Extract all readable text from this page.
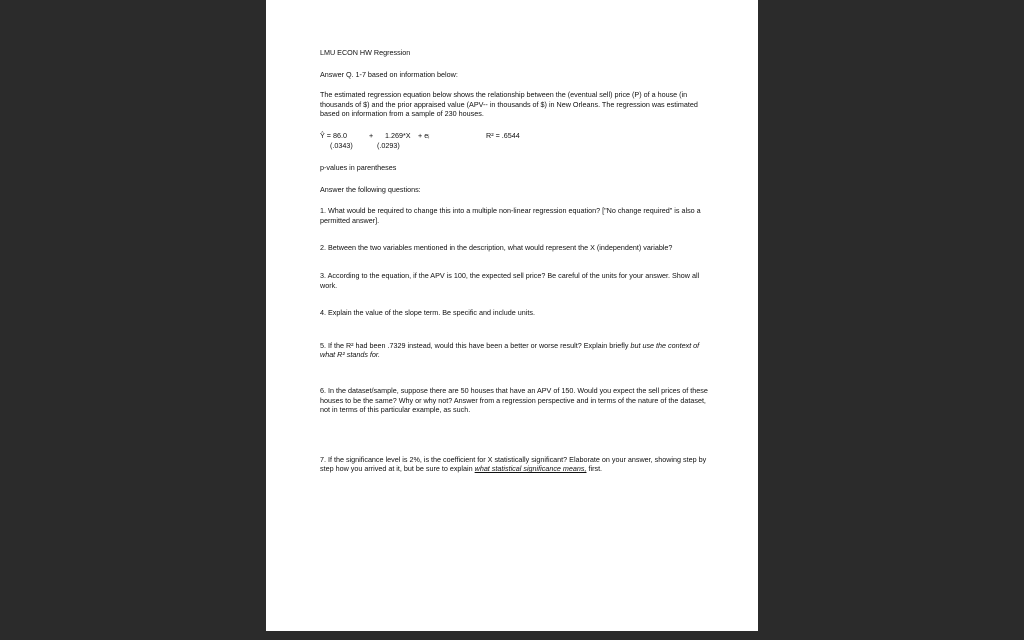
LMU ECON HW Regression
Answer Q. 1-7 based on information below:
The estimated regression equation below shows the relationship between the (eventual sell) price (P) of a house (in thousands of $) and the prior appraised value (APV-- in thousands of $) in New Orleans. The regression was estimated based on information from a sample of 230 houses.
Ŷ = 86.0	+ 1.269*X + eᵢ	R² = .6544
(.0343)	(.0293)
p-values in parentheses
Answer the following questions:
1. What would be required to change this into a multiple non-linear regression equation? ["No change required" is also a permitted answer].
2. Between the two variables mentioned in the description, what would represent the X (independent) variable?
3. According to the equation, if the APV is 100, the expected sell price? Be careful of the units for your answer. Show all work.
4. Explain the value of the slope term. Be specific and include units.
5. If the R² had been .7329 instead, would this have been a better or worse result? Explain briefly but use the context of what R² stands for.
6. In the dataset/sample, suppose there are 50 houses that have an APV of 150. Would you expect the sell prices of these houses to be the same? Why or why not? Answer from a regression perspective and in terms of the nature of the dataset, not in terms of this particular example, as such.
7. If the significance level is 2%, is the coefficient for X statistically significant? Elaborate on your answer, showing step by step how you arrived at it, but be sure to explain what statistical significance means, first.
